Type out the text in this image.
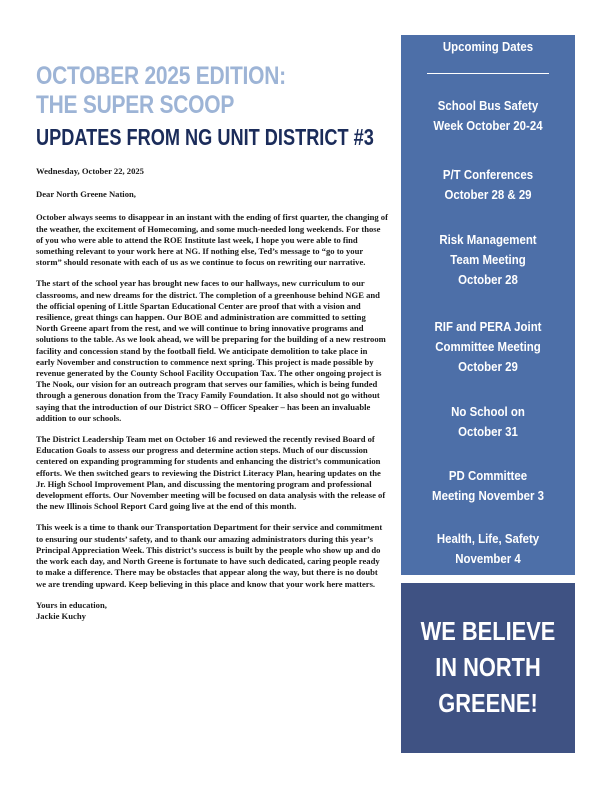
OCTOBER 2025 EDITION:
THE SUPER SCOOP
UPDATES FROM NG UNIT DISTRICT #3

Wednesday, October 22, 2025

Dear North Greene Nation,

October always seems to disappear in an instant with the ending of first quarter, the changing of the weather, the excitement of Homecoming, and some much-needed long weekends. For those of you who were able to attend the ROE Institute last week, I hope you were able to find something relevant to your work here at NG. If nothing else, Ted’s message to “go to your storm” should resonate with each of us as we continue to focus on rewriting our narrative.

The start of the school year has brought new faces to our hallways, new curriculum to our classrooms, and new dreams for the district. The completion of a greenhouse behind NGE and the official opening of Little Spartan Educational Center are proof that with a vision and resilience, great things can happen. Our BOE and administration are committed to setting North Greene apart from the rest, and we will continue to bring innovative programs and solutions to the table. As we look ahead, we will be preparing for the building of a new restroom facility and concession stand by the football field. We anticipate demolition to take place in early November and construction to commence next spring. This project is made possible by revenue generated by the County School Facility Occupation Tax. The other ongoing project is The Nook, our vision for an outreach program that serves our families, which is being funded through a generous donation from the Tracy Family Foundation. It also should not go without saying that the introduction of our District SRO – Officer Speaker – has been an invaluable addition to our schools.

The District Leadership Team met on October 16 and reviewed the recently revised Board of Education Goals to assess our progress and determine action steps. Much of our discussion centered on expanding programming for students and enhancing the district’s communication efforts. We then switched gears to reviewing the District Literacy Plan, hearing updates on the Jr. High School Improvement Plan, and discussing the mentoring program and professional development efforts. Our November meeting will be focused on data analysis with the release of the new Illinois School Report Card going live at the end of this month.

This week is a time to thank our Transportation Department for their service and commitment to ensuring our students’ safety, and to thank our amazing administrators during this year’s Principal Appreciation Week. This district’s success is built by the people who show up and do the work each day, and North Greene is fortunate to have such dedicated, caring people ready to make a difference. There may be obstacles that appear along the way, but there is no doubt we are trending upward. Keep believing in this place and know that your work here matters.

Yours in education,

Jackie Kuchy

Upcoming Dates
School Bus Safety
Week October 20-24
P/T Conferences
October 28 & 29
Risk Management
Team Meeting
October 28
RIF and PERA Joint
Committee Meeting
October 29
No School on
October 31
PD Committee
Meeting November 3
Health, Life, Safety
November 4
WE BELIEVE
IN NORTH
GREENE!
